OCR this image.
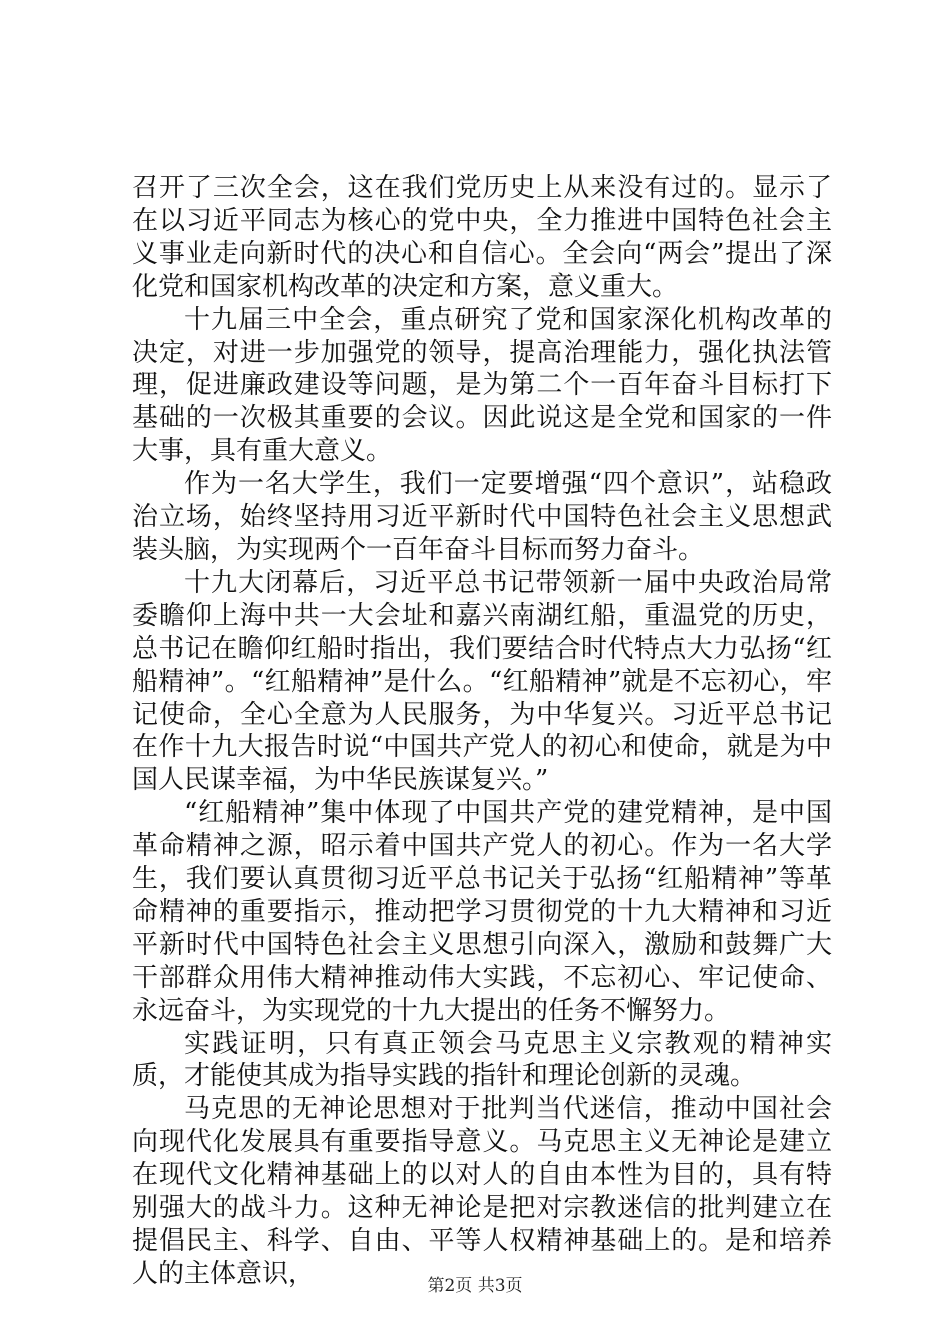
召开了三次全会，这在我们党历史上从来没有过的。显示了在以习近平同志为核心的党中央，全力推进中国特色社会主义事业走向新时代的决心和自信心。全会向“两会”提出了深化党和国家机构改革的决定和方案，意义重大。

十九届三中全会，重点研究了党和国家深化机构改革的决定，对进一步加强党的领导，提高治理能力，强化执法管理，促进廉政建设等问题，是为第二个一百年奋斗目标打下基础的一次极其重要的会议。因此说这是全党和国家的一件大事，具有重大意义。

作为一名大学生，我们一定要增强“四个意识”，站稳政治立场，始终坚持用习近平新时代中国特色社会主义思想武装头脑，为实现两个一百年奋斗目标而努力奋斗。

十九大闭幕后，习近平总书记带领新一届中央政治局常委瞻仰上海中共一大会址和嘉兴南湖红船，重温党的历史，总书记在瞻仰红船时指出，我们要结合时代特点大力弘扬“红船精神”。“红船精神”是什么。“红船精神”就是不忘初心，牢记使命，全心全意为人民服务，为中华复兴。习近平总书记在作十九大报告时说“中国共产党人的初心和使命，就是为中国人民谋幸福，为中华民族谋复兴。”

“红船精神”集中体现了中国共产党的建党精神，是中国革命精神之源，昭示着中国共产党人的初心。作为一名大学生，我们要认真贯彻习近平总书记关于弘扬“红船精神”等革命精神的重要指示，推动把学习贯彻党的十九大精神和习近平新时代中国特色社会主义思想引向深入，激励和鼓舞广大干部群众用伟大精神推动伟大实践，不忘初心、牢记使命、永远奋斗，为实现党的十九大提出的任务不懈努力。

实践证明，只有真正领会马克思主义宗教观的精神实质，才能使其成为指导实践的指针和理论创新的灵魂。

马克思的无神论思想对于批判当代迷信，推动中国社会向现代化发展具有重要指导意义。马克思主义无神论是建立在现代文化精神基础上的以对人的自由本性为目的，具有特别强大的战斗力。这种无神论是把对宗教迷信的批判建立在提倡民主、科学、自由、平等人权精神基础上的。是和培养人的主体意识，	第2页 共3页
